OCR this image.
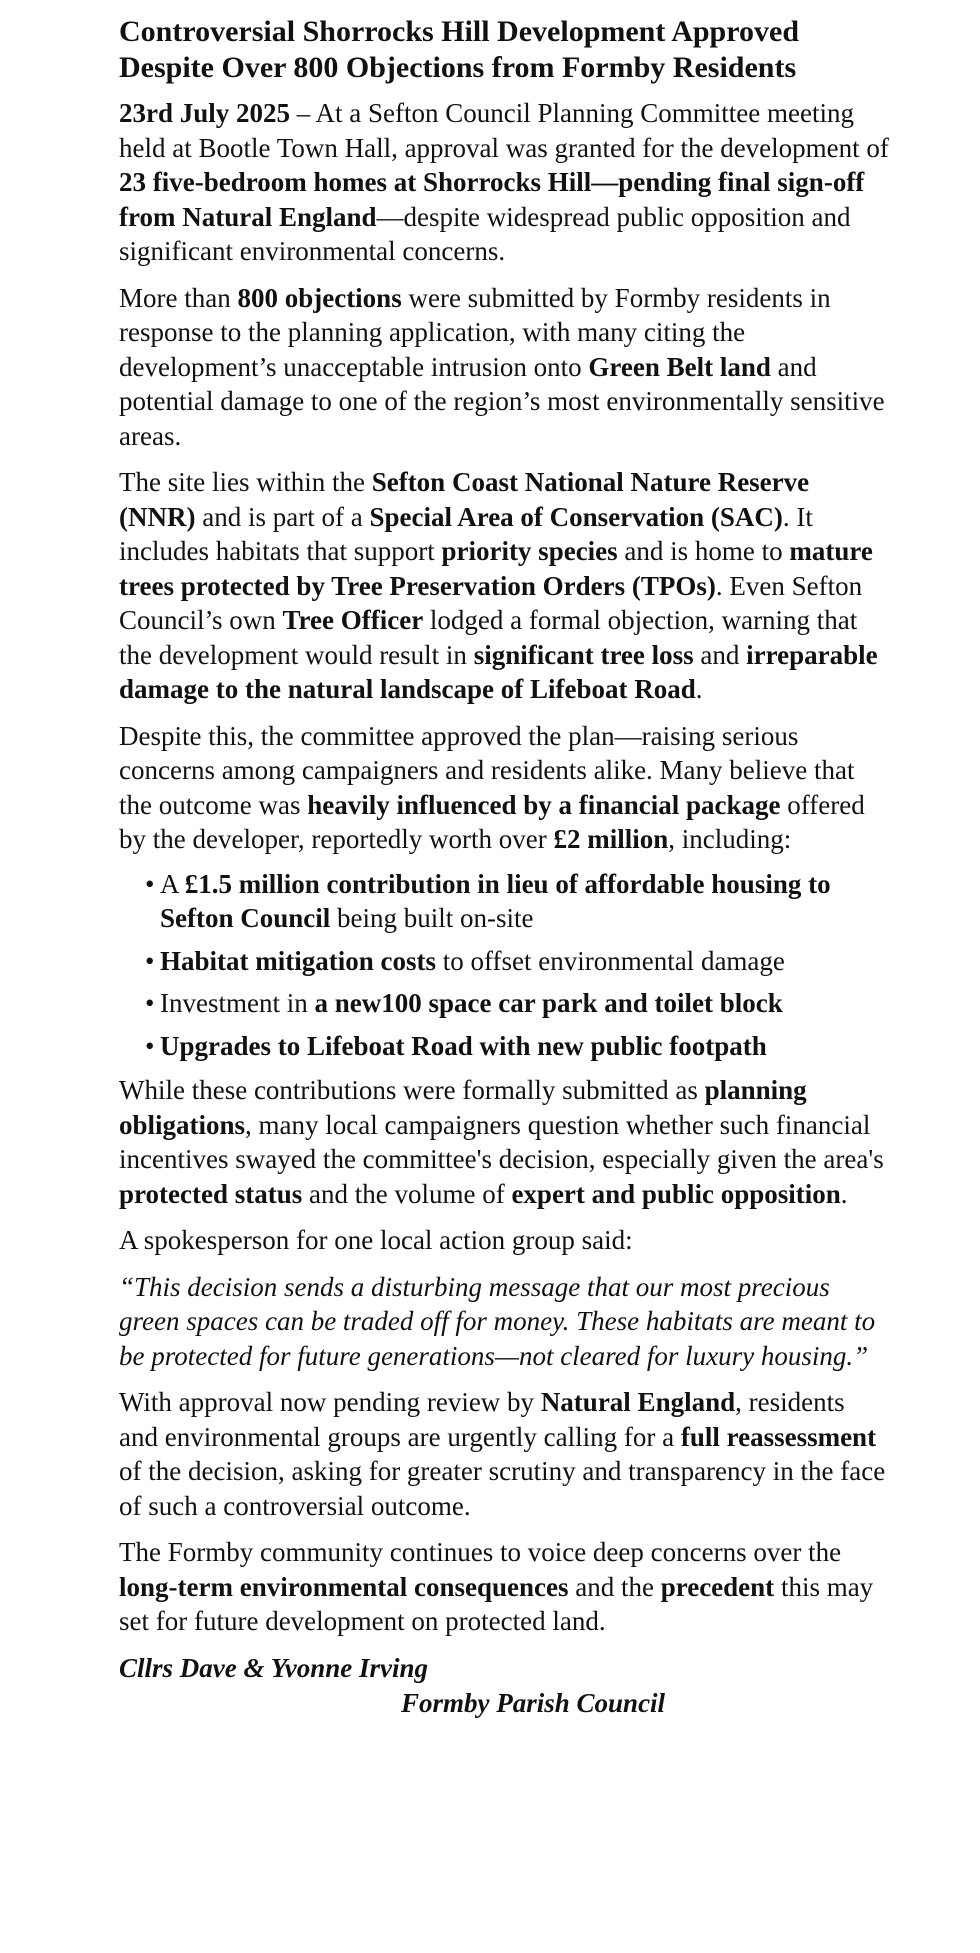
Controversial Shorrocks Hill Development Approved
Despite Over 800 Objections from Formby Residents

23rd July 2025 – At a Sefton Council Planning Committee meeting held at Bootle Town Hall, approval was granted for the development of 23 five-bedroom homes at Shorrocks Hill—pending final sign-off from Natural England—despite widespread public opposition and significant environmental concerns.

More than 800 objections were submitted by Formby residents in response to the planning application, with many citing the development’s unacceptable intrusion onto Green Belt land and potential damage to one of the region’s most environmentally sensitive areas.

The site lies within the Sefton Coast National Nature Reserve (NNR) and is part of a Special Area of Conservation (SAC). It includes habitats that support priority species and is home to mature trees protected by Tree Preservation Orders (TPOs). Even Sefton Council’s own Tree Officer lodged a formal objection, warning that the development would result in significant tree loss and irreparable damage to the natural landscape of Lifeboat Road.

Despite this, the committee approved the plan—raising serious concerns among campaigners and residents alike. Many believe that the outcome was heavily influenced by a financial package offered by the developer, reportedly worth over £2 million, including:

• A £1.5 million contribution in lieu of affordable housing to Sefton Council being built on-site
• Habitat mitigation costs to offset environmental damage
• Investment in a new100 space car park and toilet block
• Upgrades to Lifeboat Road with new public footpath

While these contributions were formally submitted as planning obligations, many local campaigners question whether such financial incentives swayed the committee's decision, especially given the area's protected status and the volume of expert and public opposition.

A spokesperson for one local action group said:

“This decision sends a disturbing message that our most precious green spaces can be traded off for money. These habitats are meant to be protected for future generations—not cleared for luxury housing.”

With approval now pending review by Natural England, residents and environmental groups are urgently calling for a full reassessment of the decision, asking for greater scrutiny and transparency in the face of such a controversial outcome.

The Formby community continues to voice deep concerns over the long-term environmental consequences and the precedent this may set for future development on protected land.

Cllrs Dave & Yvonne Irving

Formby Parish Council
